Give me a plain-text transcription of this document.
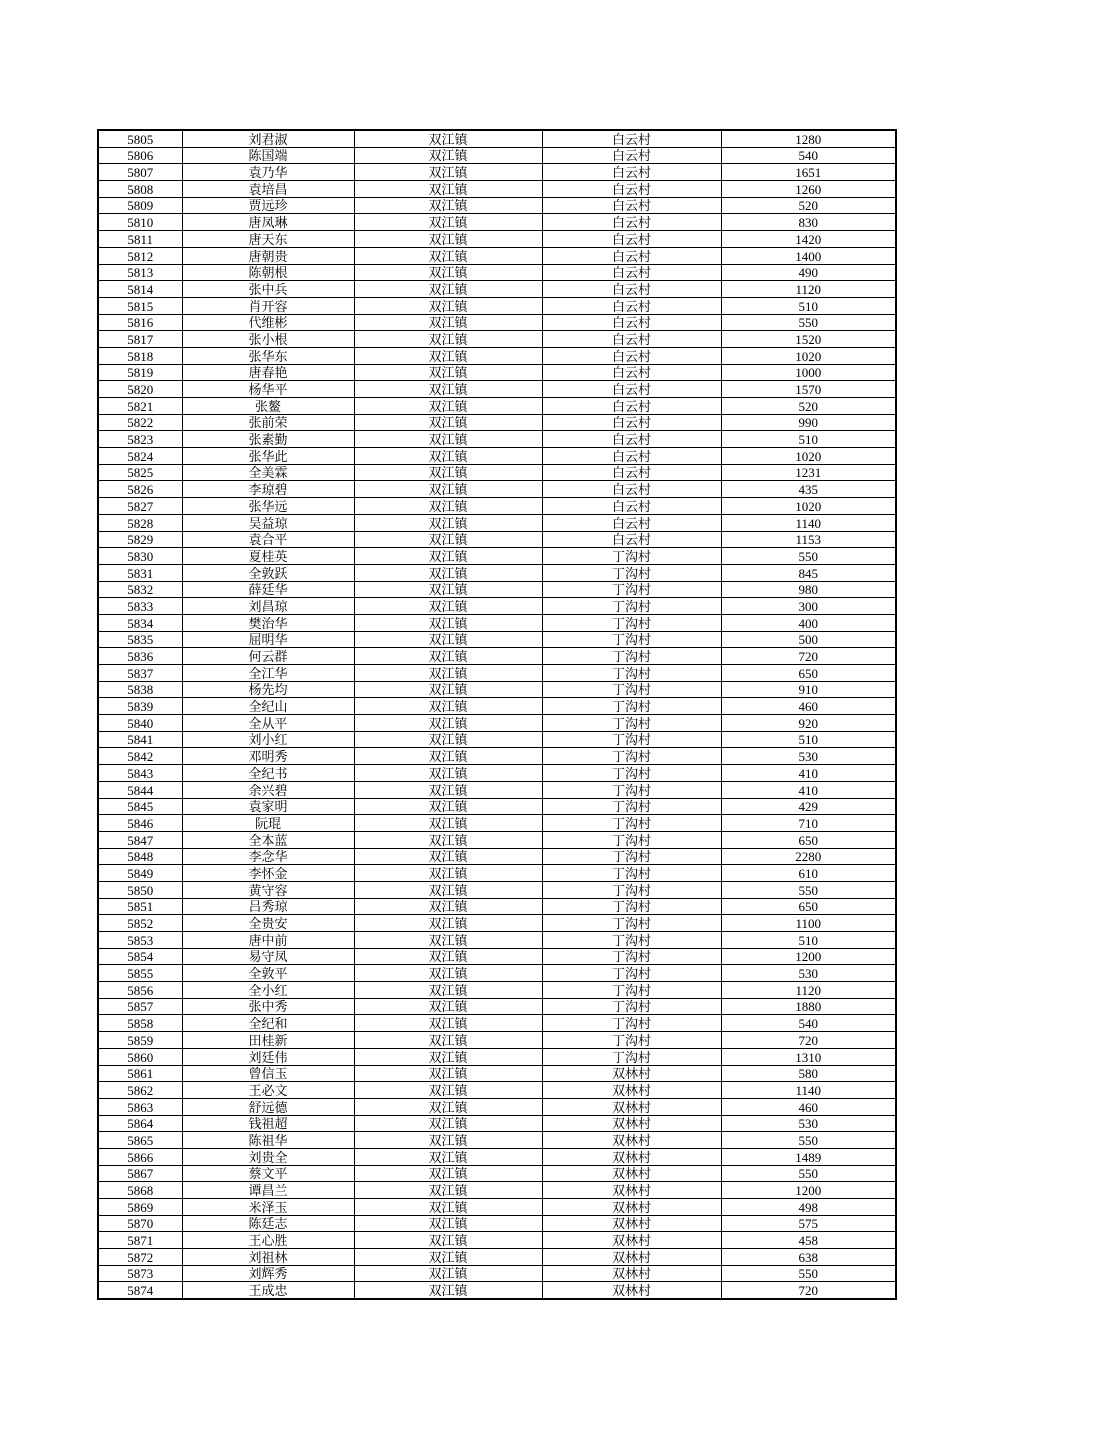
5805	刘君淑	双江镇	白云村	1280
5806	陈国端	双江镇	白云村	540
5807	袁乃华	双江镇	白云村	1651
5808	袁培昌	双江镇	白云村	1260
5809	贾远珍	双江镇	白云村	520
5810	唐凤琳	双江镇	白云村	830
5811	唐天东	双江镇	白云村	1420
5812	唐朝贵	双江镇	白云村	1400
5813	陈朝根	双江镇	白云村	490
5814	张中兵	双江镇	白云村	1120
5815	肖开容	双江镇	白云村	510
5816	代维彬	双江镇	白云村	550
5817	张小根	双江镇	白云村	1520
5818	张华东	双江镇	白云村	1020
5819	唐春艳	双江镇	白云村	1000
5820	杨华平	双江镇	白云村	1570
5821	张鳌	双江镇	白云村	520
5822	张前荣	双江镇	白云村	990
5823	张素勤	双江镇	白云村	510
5824	张华此	双江镇	白云村	1020
5825	全美霖	双江镇	白云村	1231
5826	李琼碧	双江镇	白云村	435
5827	张华远	双江镇	白云村	1020
5828	吴益琼	双江镇	白云村	1140
5829	袁合平	双江镇	白云村	1153
5830	夏桂英	双江镇	丁沟村	550
5831	全敦跃	双江镇	丁沟村	845
5832	薛廷华	双江镇	丁沟村	980
5833	刘昌琼	双江镇	丁沟村	300
5834	樊治华	双江镇	丁沟村	400
5835	屈明华	双江镇	丁沟村	500
5836	何云群	双江镇	丁沟村	720
5837	全江华	双江镇	丁沟村	650
5838	杨先均	双江镇	丁沟村	910
5839	全纪山	双江镇	丁沟村	460
5840	全从平	双江镇	丁沟村	920
5841	刘小红	双江镇	丁沟村	510
5842	邓明秀	双江镇	丁沟村	530
5843	全纪书	双江镇	丁沟村	410
5844	余兴碧	双江镇	丁沟村	410
5845	袁家明	双江镇	丁沟村	429
5846	阮琨	双江镇	丁沟村	710
5847	全本蓝	双江镇	丁沟村	650
5848	李念华	双江镇	丁沟村	2280
5849	李怀金	双江镇	丁沟村	610
5850	黄守容	双江镇	丁沟村	550
5851	吕秀琼	双江镇	丁沟村	650
5852	全贵安	双江镇	丁沟村	1100
5853	唐中前	双江镇	丁沟村	510
5854	易守凤	双江镇	丁沟村	1200
5855	全敦平	双江镇	丁沟村	530
5856	全小红	双江镇	丁沟村	1120
5857	张中秀	双江镇	丁沟村	1880
5858	全纪和	双江镇	丁沟村	540
5859	田桂新	双江镇	丁沟村	720
5860	刘廷伟	双江镇	丁沟村	1310
5861	曾信玉	双江镇	双林村	580
5862	王必文	双江镇	双林村	1140
5863	舒远德	双江镇	双林村	460
5864	钱祖超	双江镇	双林村	530
5865	陈祖华	双江镇	双林村	550
5866	刘贵全	双江镇	双林村	1489
5867	蔡文平	双江镇	双林村	550
5868	谭昌兰	双江镇	双林村	1200
5869	米泽玉	双江镇	双林村	498
5870	陈廷志	双江镇	双林村	575
5871	王心胜	双江镇	双林村	458
5872	刘祖林	双江镇	双林村	638
5873	刘辉秀	双江镇	双林村	550
5874	王成忠	双江镇	双林村	720
